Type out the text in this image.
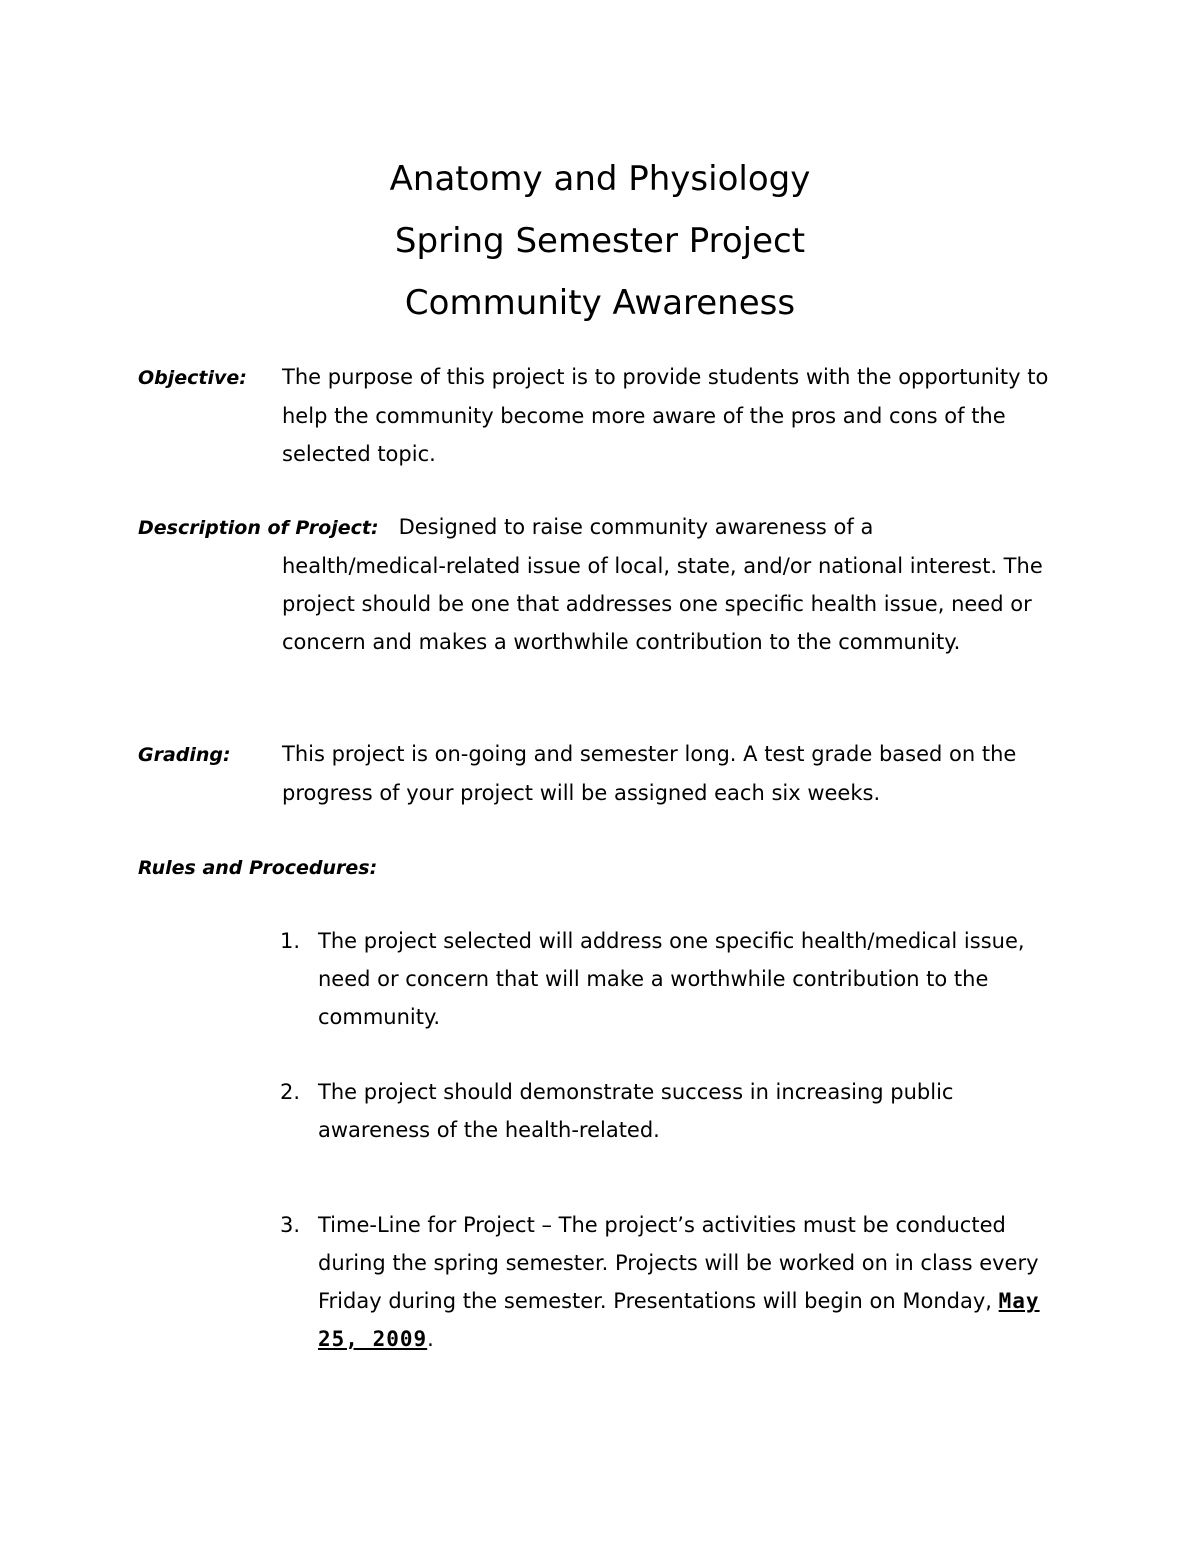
Anatomy and Physiology
Spring Semester Project
Community Awareness
Objective: The purpose of this project is to provide students with the opportunity to help the community become more aware of the pros and cons of the selected topic.
Description of Project: Designed to raise community awareness of a
health/medical-related issue of local, state, and/or national interest. The project should be one that addresses one specific health issue, need or concern and makes a worthwhile contribution to the community.
Grading: This project is on-going and semester long. A test grade based on the progress of your project will be assigned each six weeks.
Rules and Procedures:
1. The project selected will address one specific health/medical issue, need or concern that will make a worthwhile contribution to the community.
2. The project should demonstrate success in increasing public awareness of the health-related.
3. Time-Line for Project – The project’s activities must be conducted during the spring semester. Projects will be worked on in class every Friday during the semester. Presentations will begin on Monday, May 25, 2009.
